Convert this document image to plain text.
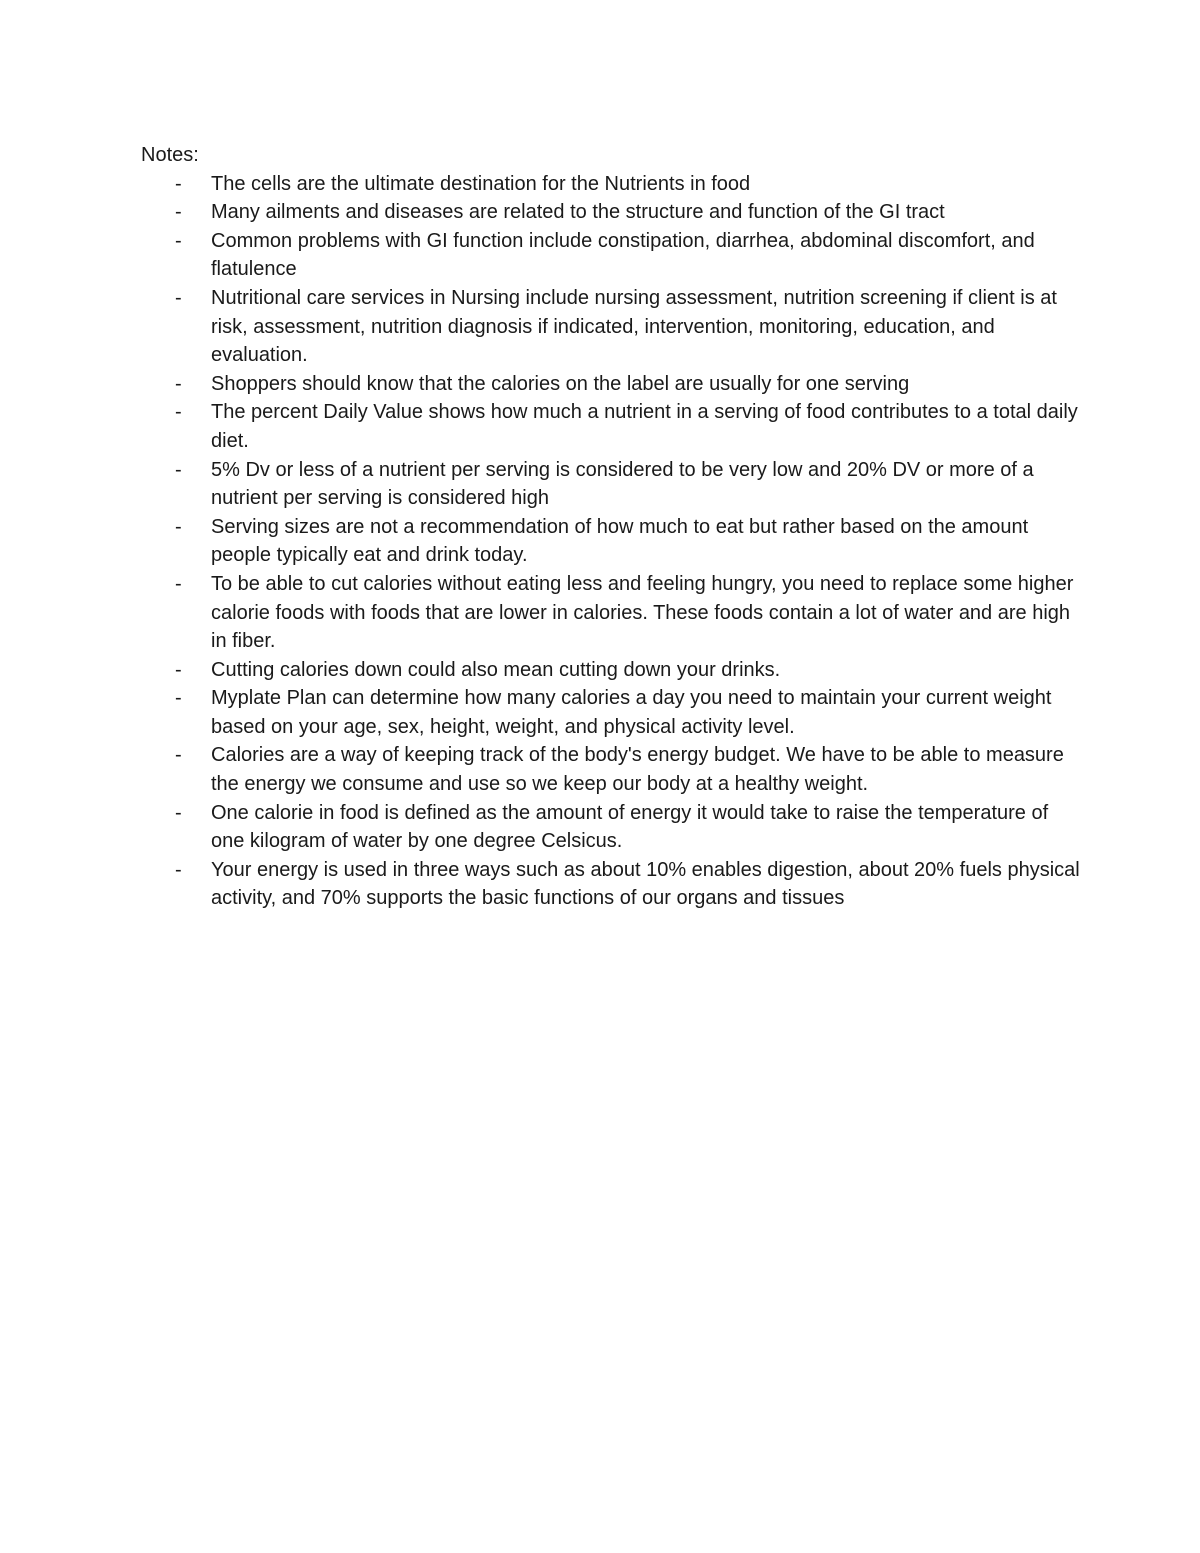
Notes:

- The cells are the ultimate destination for the Nutrients in food
- Many ailments and diseases are related to the structure and function of the GI tract
- Common problems with GI function include constipation, diarrhea, abdominal discomfort, and flatulence
- Nutritional care services in Nursing include nursing assessment, nutrition screening if client is at risk, assessment, nutrition diagnosis if indicated, intervention, monitoring, education, and evaluation.
- Shoppers should know that the calories on the label are usually for one serving
- The percent Daily Value shows how much a nutrient in a serving of food contributes to a total daily diet.
- 5% Dv or less of a nutrient per serving is considered to be very low and 20% DV or more of a nutrient per serving is considered high
- Serving sizes are not a recommendation of how much to eat but rather based on the amount people typically eat and drink today.
- To be able to cut calories without eating less and feeling hungry, you need to replace some higher calorie foods with foods that are lower in calories. These foods contain a lot of water and are high in fiber.
- Cutting calories down could also mean cutting down your drinks.
- Myplate Plan can determine how many calories a day you need to maintain your current weight based on your age, sex, height, weight, and physical activity level.
- Calories are a way of keeping track of the body's energy budget. We have to be able to measure the energy we consume and use so we keep our body at a healthy weight.
- One calorie in food is defined as the amount of energy it would take to raise the temperature of one kilogram of water by one degree Celsicus.
- Your energy is used in three ways such as about 10% enables digestion, about 20% fuels physical activity, and 70% supports the basic functions of our organs and tissues
